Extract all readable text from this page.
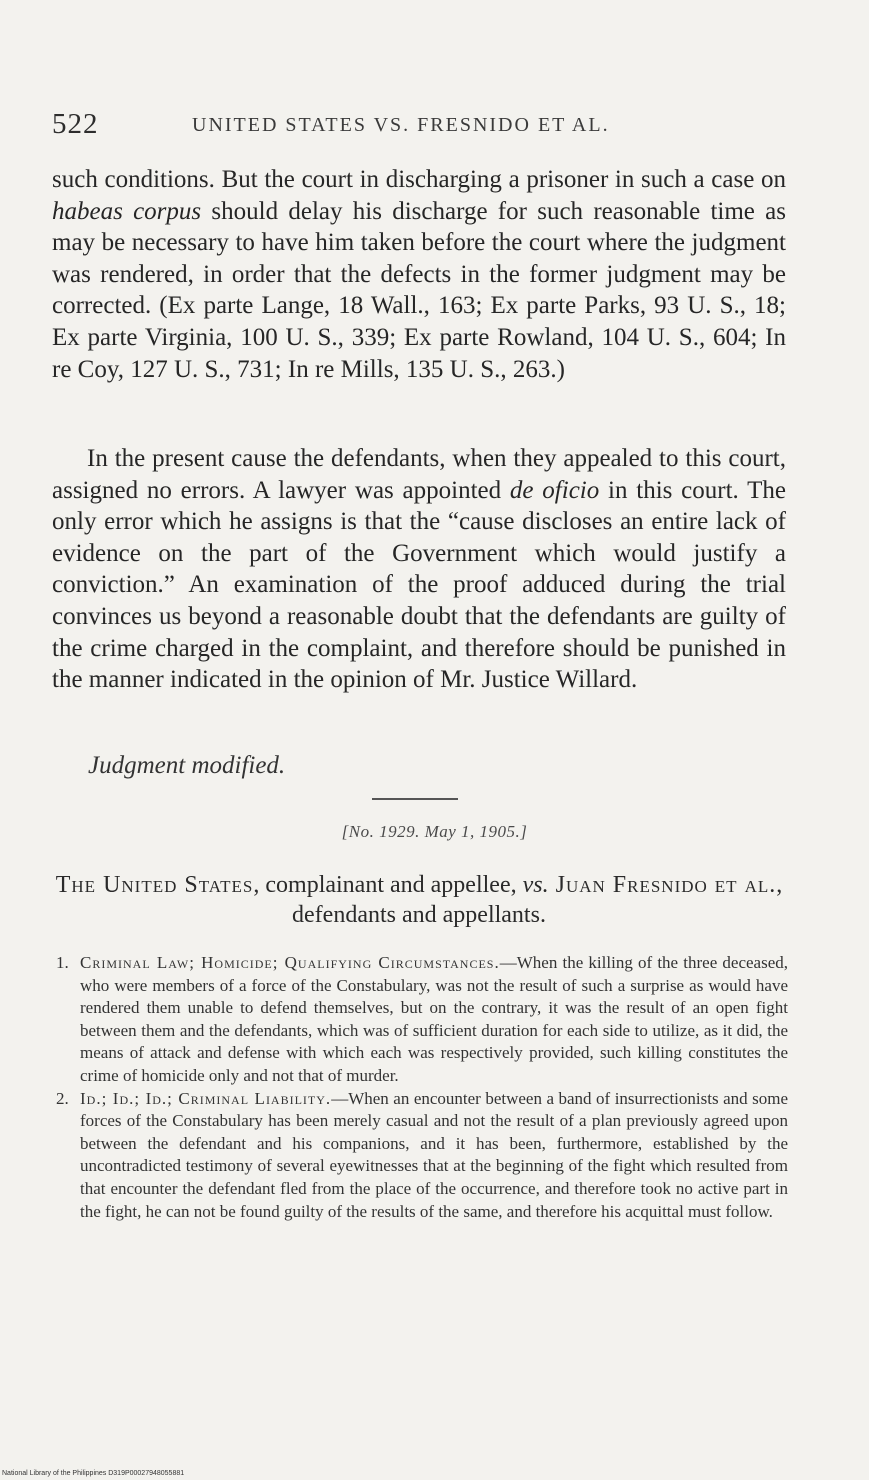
522	UNITED STATES VS. FRESNIDO ET AL.

such conditions. But the court in discharging a prisoner in such a case on habeas corpus should delay his discharge for such reasonable time as may be necessary to have him taken before the court where the judgment was rendered, in order that the defects in the former judgment may be corrected. (Ex parte Lange, 18 Wall., 163; Ex parte Parks, 93 U. S., 18; Ex parte Virginia, 100 U. S., 339; Ex parte Rowland, 104 U. S., 604; In re Coy, 127 U. S., 731; In re Mills, 135 U. S., 263.)

In the present cause the defendants, when they appealed to this court, assigned no errors. A lawyer was appointed de oficio in this court. The only error which he assigns is that the “cause discloses an entire lack of evidence on the part of the Government which would justify a conviction.” An examination of the proof adduced during the trial convinces us beyond a reasonable doubt that the defendants are guilty of the crime charged in the complaint, and therefore should be punished in the manner indicated in the opinion of Mr. Justice Willard.

Judgment modified.
[No. 1929. May 1, 1905.]
The United States, complainant and appellee, vs. Juan Fresnido et al., defendants and appellants.

1. Criminal Law; Homicide; Qualifying Circumstances.—When the killing of the three deceased, who were members of a force of the Constabulary, was not the result of such a surprise as would have rendered them unable to defend themselves, but on the contrary, it was the result of an open fight between them and the defendants, which was of sufficient duration for each side to utilize, as it did, the means of attack and defense with which each was respectively provided, such killing constitutes the crime of homicide only and not that of murder.

2. Id.; Id.; Id.; Criminal Liability.—When an encounter between a band of insurrectionists and some forces of the Constabulary has been merely casual and not the result of a plan previously agreed upon between the defendant and his companions, and it has been, furthermore, established by the uncontradicted testimony of several eyewitnesses that at the beginning of the fight which resulted from that encounter the defendant fled from the place of the occurrence, and therefore took no active part in the fight, he can not be found guilty of the results of the same, and therefore his acquittal must follow.

National Library of the Philippines D319P00027948055881
